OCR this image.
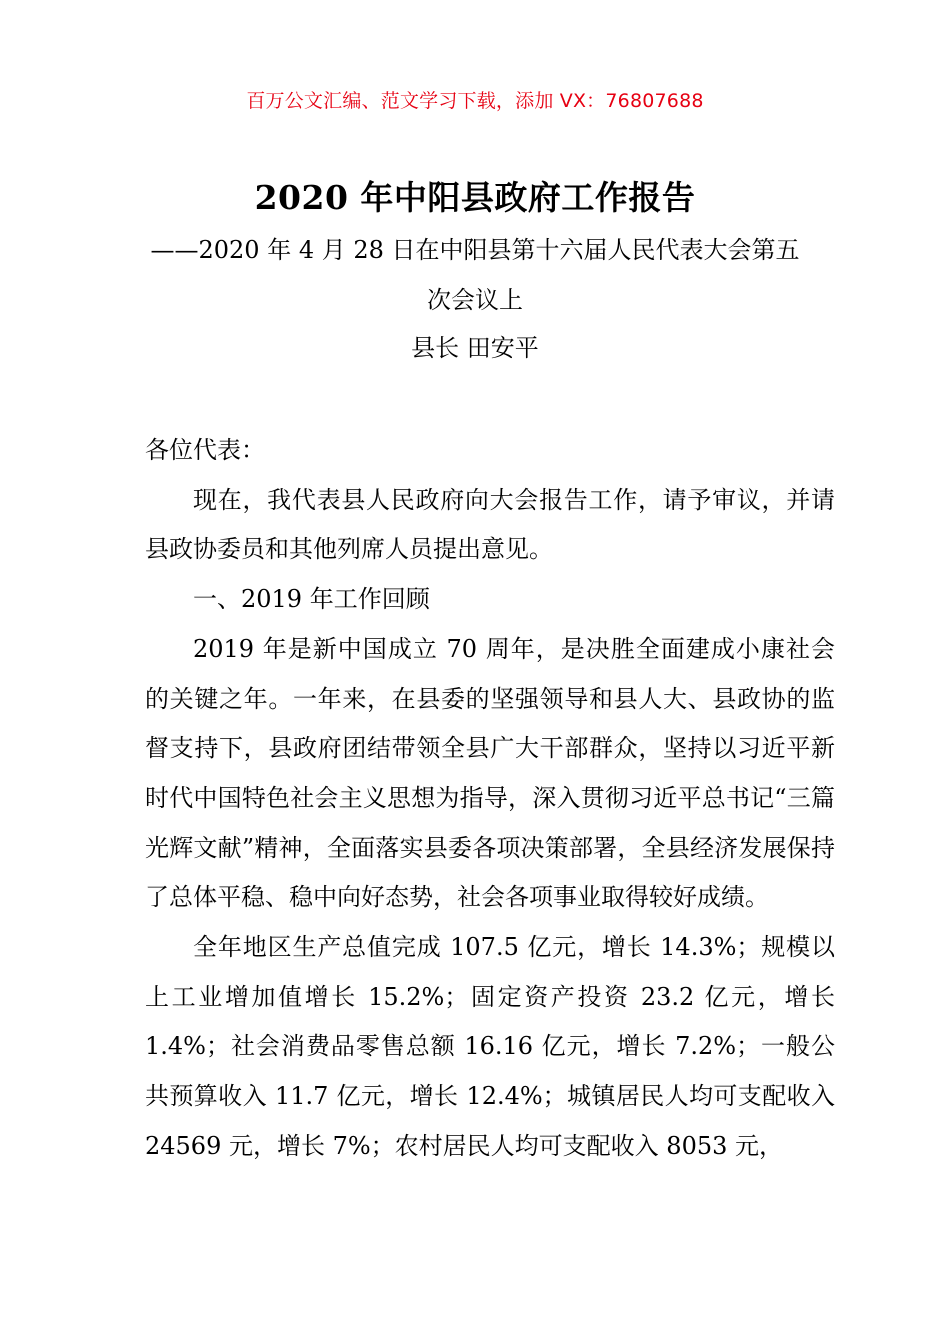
百万公文汇编、范文学习下载，添加 VX：76807688
2020 年中阳县政府工作报告
——2020 年 4 月 28 日在中阳县第十六届人民代表大会第五
次会议上
县长 田安平

各位代表：

现在，我代表县人民政府向大会报告工作，请予审议，并请县政协委员和其他列席人员提出意见。

一、2019 年工作回顾

2019 年是新中国成立 70 周年，是决胜全面建成小康社会的关键之年。一年来，在县委的坚强领导和县人大、县政协的监督支持下，县政府团结带领全县广大干部群众，坚持以习近平新时代中国特色社会主义思想为指导，深入贯彻习近平总书记“三篇光辉文献”精神，全面落实县委各项决策部署，全县经济发展保持了总体平稳、稳中向好态势，社会各项事业取得较好成绩。

全年地区生产总值完成 107.5 亿元，增长 14.3%；规模以上工业增加值增长 15.2%；固定资产投资 23.2 亿元，增长 1.4%；社会消费品零售总额 16.16 亿元，增长 7.2%；一般公共预算收入 11.7 亿元，增长 12.4%；城镇居民人均可支配收入 24569 元，增长 7%；农村居民人均可支配收入 8053 元，
